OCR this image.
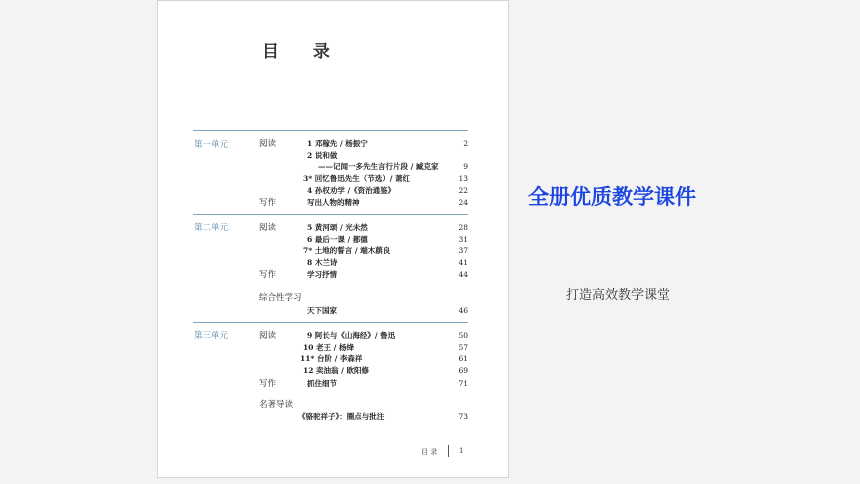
目 录
第一单元	阅读	1 邓稼先 / 杨振宁	2
2 说和做
——记闻一多先生言行片段 / 臧克家	9
3* 回忆鲁迅先生（节选）/ 萧红	13
4 孙权劝学 /《资治通鉴》	22
写作	写出人物的精神	24
第二单元	阅读	5 黄河颂 / 光未然	28
6 最后一课 / 都德	31
7* 土地的誓言 / 端木蕻良	37
8 木兰诗	41
写作	学习抒情	44
综合性学习
天下国家	46
第三单元	阅读	9 阿长与《山海经》/ 鲁迅	50
10 老王 / 杨绛	57
11* 台阶 / 李森祥	61
12 卖油翁 / 欧阳修	69
写作	抓住细节	71
名著导读
《骆驼祥子》：圈点与批注	73
目 录	1
全册优质教学课件
打造高效教学课堂
